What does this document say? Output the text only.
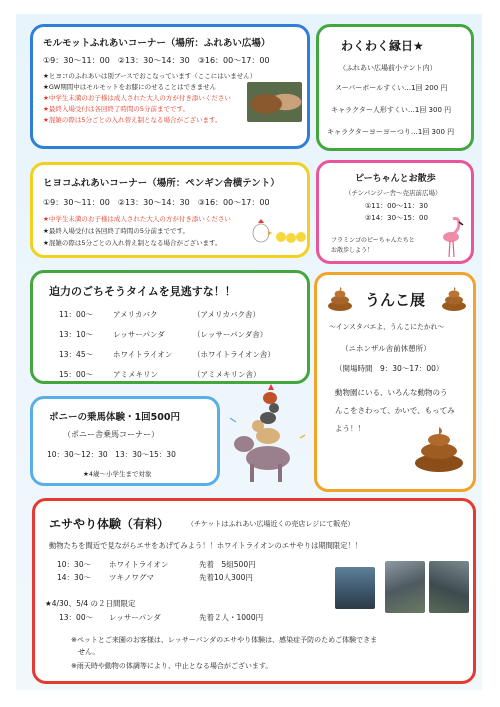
モルモットふれあいコーナー（場所：ふれあい広場）
①9：30～11：00　②13：30～14：30　③16：00～17：00
★ヒヨコのふれあいは別ブースでおこなっています（ここにはいません）
★GW期間中はモルモットをお膝にのせることはできません
★中学生未満のお子様は成人された大人の方が付き添いください
★最終入場受付は各回終了時間の5分前までです。
★混雑の際は5分ごとの入れ替え制となる場合がございます。
わくわく縁日★
（ふれあい広場前小テント内）
スーパーボールすくい…1回 200 円
キャラクター人形すくい…1回 300 円
キャラクターヨーヨーつり…1回 300 円
ヒヨコふれあいコーナー（場所：ペンギン舎横テント）
①9：30～11：00　②13：30～14：30　③16：00～17：00
★中学生未満のお子様は成人された大人の方が付き添いください
★最終入場受付は各回終了時間の5分前までです。
★混雑の際は5分ごとの入れ替え制となる場合がございます。
ピーちゃんとお散歩
（チンパンジー舎～売店前広場）
①11：00～11：30
②14：30～15：00
フラミンゴのピーちゃんたちと
お散歩しよう！
迫力のごちそうタイムを見逃すな！！
11：00～	アメリカバク	（アメリカバク舎）
13：10～	レッサーパンダ	（レッサーパンダ舎）
13：45～	ホワイトライオン	（ホワイトライオン舎）
15：00～	アミメキリン	（アミメキリン舎）
うんこ展
～インスタバエよ、うんこにたかれ～
（ニホンザル舎前休憩所）
（開場時間　9：30～17：00）
動物園にいる、いろんな動物のう
んこをさわって、かいで、もってみ
よう！！
ポニーの乗馬体験・1回500円
（ポニー舎乗馬コーナー）
10：30～12：30　13：30～15：30
★4歳～小学生まで対象
エサやり体験（有料）	（チケットはふれあい広場近くの売店レジにて販売）
動物たちを間近で見ながらエサをあげてみよう！！ホワイトライオンのエサやりは期間限定！！
10：30～ ホワイトライオン	先着　5組500円
14：30～ ツキノワグマ	先着10人300円
★4/30、5/4 の２日間限定
13：00～ レッサーパンダ	先着２人・1000円
※ペットとご来園のお客様は、レッサーパンダのエサやり体験は、感染症予防のためご体験できま
　せん。
※雨天時や動物の体調等により、中止となる場合がございます。
